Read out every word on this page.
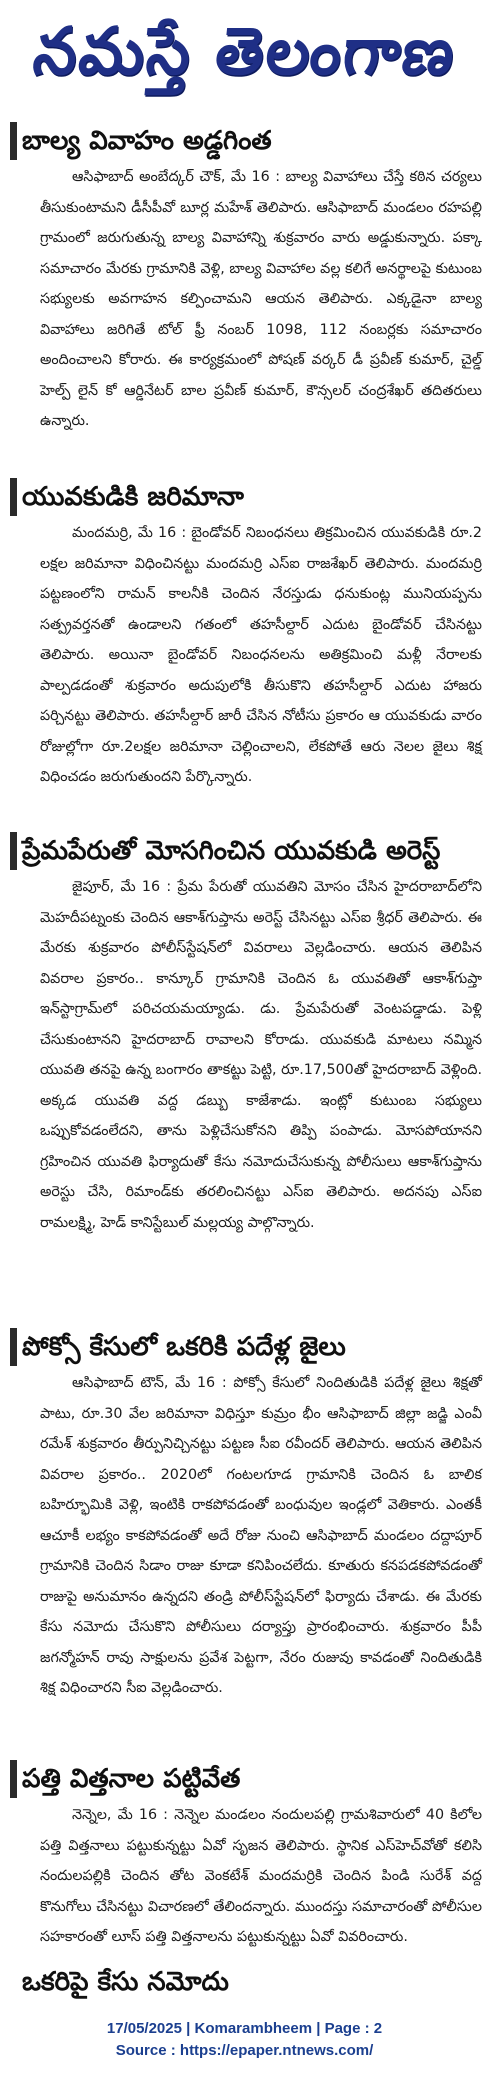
నమస్తే తెలంగాణ
బాల్య వివాహం అడ్డగింత
ఆసిఫాబాద్ అంబేద్కర్ చౌక్, మే 16 : బాల్య వివాహాలు చేస్తే కఠిన చర్యలు తీసుకుంటామని డీసీపీవో బూర్ల మహేశ్ తెలిపారు. ఆసిఫాబాద్ మండలం రహపల్లి గ్రామంలో జరుగుతున్న బాల్య వివాహాన్ని శుక్రవారం వారు అడ్డుకున్నారు. పక్కా సమాచారం మేరకు గ్రామానికి వెళ్లి, బాల్య వివాహాల వల్ల కలిగే అనర్థాలపై కుటుంబ సభ్యులకు అవగాహన కల్పించామని ఆయన తెలిపారు. ఎక్కడైనా బాల్య వివాహాలు జరిగితే టోల్ ఫ్రీ నంబర్ 1098, 112 నంబర్లకు సమాచారం అందించాలని కోరారు. ఈ కార్యక్రమంలో పోషణ్ వర్కర్ డీ ప్రవీణ్ కుమార్, చైల్డ్ హెల్ప్ లైన్ కో ఆర్డినేటర్ బాల ప్రవీణ్ కుమార్, కౌన్సలర్ చంద్రశేఖర్ తదితరులు ఉన్నారు.
యువకుడికి జరిమానా
మందమర్రి, మే 16 : బైండోవర్ నిబంధనలు తిక్రమించిన యువకుడికి రూ.2 లక్షల జరిమానా విధించినట్టు మందమర్రి ఎస్ఐ రాజశేఖర్ తెలిపారు. మందమర్రి పట్టణంలోని రామన్ కాలనీకి చెందిన నేరస్తుడు ధనుకుంట్ల మునియప్పను సత్ప్రవర్తనతో ఉండాలని గతంలో తహసీల్దార్ ఎదుట బైండోవర్ చేసినట్టు తెలిపారు. అయినా బైండోవర్ నిబంధనలను అతిక్రమించి మళ్లీ నేరాలకు పాల్పడడంతో శుక్రవారం అదుపులోకి తీసుకొని తహసీల్దార్ ఎదుట హాజరు పర్చినట్టు తెలిపారు. తహసీల్దార్ జారీ చేసిన నోటీసు ప్రకారం ఆ యువకుడు వారం రోజుల్లోగా రూ.2లక్షల జరిమానా చెల్లించాలని, లేకపోతే ఆరు నెలల జైలు శిక్ష విధించడం జరుగుతుందని పేర్కొన్నారు.
ప్రేమపేరుతో మోసగించిన యువకుడి అరెస్ట్
జైపూర్, మే 16 : ప్రేమ పేరుతో యువతిని మోసం చేసిన హైదరాబాద్‌లోని మెహదీపట్నంకు చెందిన ఆకాశ్‌గుప్తాను అరెస్ట్ చేసినట్టు ఎస్ఐ శ్రీధర్ తెలిపారు. ఈ మేరకు శుక్రవారం పోలీస్‌స్టేషన్‌లో వివరాలు వెల్లడించారు. ఆయన తెలిపిన వివరాల ప్రకారం.. కాన్కూర్ గ్రామానికి చెందిన ఓ యువతితో ఆకాశ్‌గుప్తా ఇన్‌స్టాగ్రామ్‌లో పరిచయమయ్యాడు. డు. ప్రేమపేరుతో వెంటపడ్డాడు. పెళ్లి చేసుకుంటానని హైదరాబాద్ రావాలని కోరాడు. యువకుడి మాటలు నమ్మిన యువతి తనపై ఉన్న బంగారం తాకట్టు పెట్టి, రూ.17,500తో హైదరాబాద్ వెళ్లింది. అక్కడ యువతి వద్ద డబ్బు కాజేశాడు. ఇంట్లో కుటుంబ సభ్యులు ఒప్పుకోవడంలేదని, తాను పెళ్లిచేసుకోనని తిప్పి పంపాడు. మోసపోయానని గ్రహించిన యువతి ఫిర్యాదుతో కేసు నమోదుచేసుకున్న పోలీసులు ఆకాశ్‌గుప్తాను అరెస్టు చేసి, రిమాండ్‌కు తరలించినట్టు ఎస్ఐ తెలిపారు. అదనపు ఎస్ఐ రామలక్ష్మి, హెడ్ కానిస్టేబుల్ మల్లయ్య పాల్గొన్నారు.
పోక్సో కేసులో ఒకరికి పదేళ్ల జైలు
ఆసిఫాబాద్ టౌన్, మే 16 : పోక్సో కేసులో నిందితుడికి పదేళ్ల జైలు శిక్షతో పాటు, రూ.30 వేల జరిమానా విధిస్తూ కుమ్రం భీం ఆసిఫాబాద్ జిల్లా జడ్జి ఎంవీ రమేశ్ శుక్రవారం తీర్పునిచ్చినట్టు పట్టణ సీఐ రవీందర్ తెలిపారు. ఆయన తెలిపిన వివరాల ప్రకారం.. 2020లో గంటలగూడ గ్రామానికి చెందిన ఓ బాలిక బహిర్భూమికి వెళ్లి, ఇంటికి రాకపోవడంతో బంధువుల ఇండ్లలో వెతికారు. ఎంతకీ ఆచూకీ లభ్యం కాకపోవడంతో అదే రోజు నుంచి ఆసిఫాబాద్ మండలం దద్దాపూర్ గ్రామానికి చెందిన సిడాం రాజు కూడా కనిపించలేదు. కూతురు కనపడకపోవడంతో రాజుపై అనుమానం ఉన్నదని తండ్రి పోలీస్‌స్టేషన్‌లో ఫిర్యాదు చేశాడు. ఈ మేరకు కేసు నమోదు చేసుకొని పోలీసులు దర్యాప్తు ప్రారంభించారు. శుక్రవారం పీపీ జగన్మోహన్ రావు సాక్షులను ప్రవేశ పెట్టగా, నేరం రుజువు కావడంతో నిందితుడికి శిక్ష విధించారని సీఐ వెల్లడించారు.
పత్తి విత్తనాల పట్టివేత
నెన్నెల, మే 16 : నెన్నెల మండలం నందులపల్లి గ్రామశివారులో 40 కిలోల పత్తి విత్తనాలు పట్టుకున్నట్టు ఏవో సృజన తెలిపారు. స్థానిక ఎస్‌హెచ్‌వోతో కలిసి నందులపల్లికి చెందిన తోట వెంకటేశ్ మందమర్రికి చెందిన పిండి సురేశ్ వద్ద కొనుగోలు చేసినట్టు విచారణలో తేలిందన్నారు. ముందస్తు సమాచారంతో పోలీసుల సహకారంతో లూస్ పత్తి విత్తనాలను పట్టుకున్నట్టు ఏవో వివరించారు.
ఒకరిపై కేసు నమోదు
17/05/2025 | Komarambheem | Page : 2
Source : https://epaper.ntnews.com/
